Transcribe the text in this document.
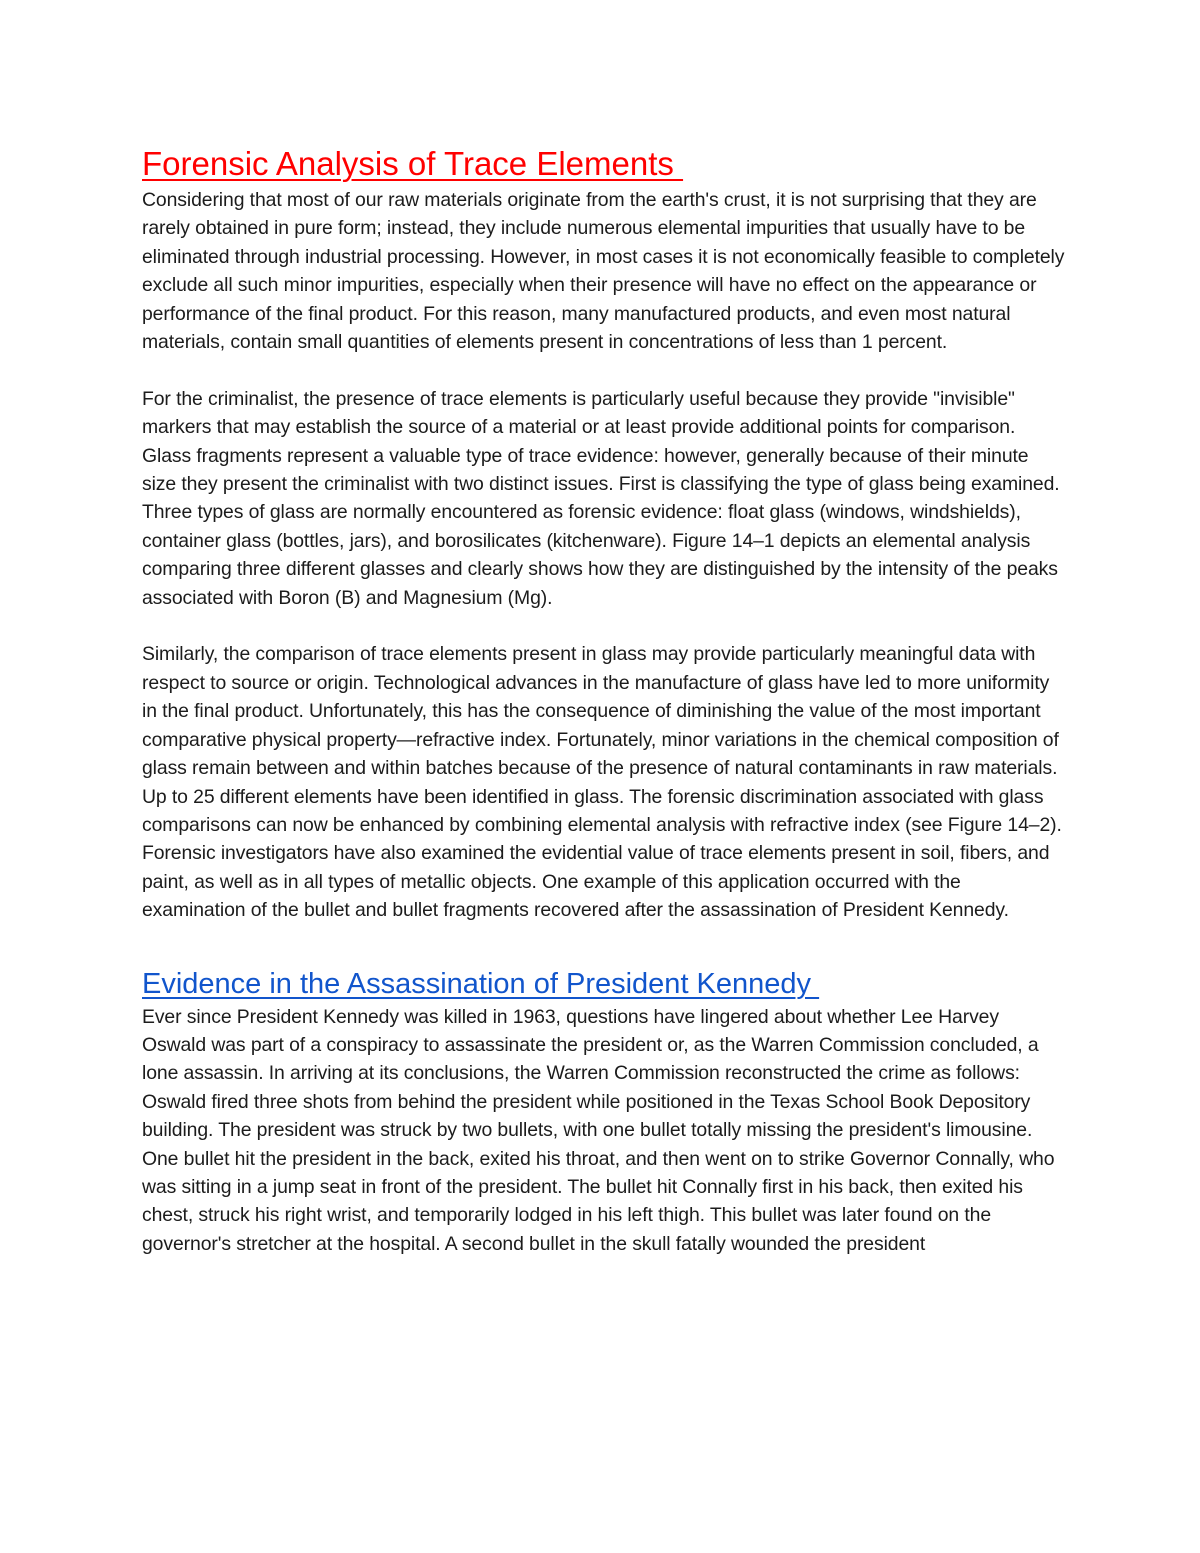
Forensic Analysis of Trace Elements

Considering that most of our raw materials originate from the earth's crust, it is not surprising that they are rarely obtained in pure form; instead, they include numerous elemental impurities that usually have to be eliminated through industrial processing. However, in most cases it is not economically feasible to completely exclude all such minor impurities, especially when their presence will have no effect on the appearance or performance of the final product. For this reason, many manufactured products, and even most natural materials, contain small quantities of elements present in concentrations of less than 1 percent.

For the criminalist, the presence of trace elements is particularly useful because they provide "invisible" markers that may establish the source of a material or at least provide additional points for comparison. Glass fragments represent a valuable type of trace evidence: however, generally because of their minute size they present the criminalist with two distinct issues. First is classifying the type of glass being examined. Three types of glass are normally encountered as forensic evidence: float glass (windows, windshields), container glass (bottles, jars), and borosilicates (kitchenware). Figure 14–1 depicts an elemental analysis comparing three different glasses and clearly shows how they are distinguished by the intensity of the peaks associated with Boron (B) and Magnesium (Mg).

Similarly, the comparison of trace elements present in glass may provide particularly meaningful data with respect to source or origin. Technological advances in the manufacture of glass have led to more uniformity in the final product. Unfortunately, this has the consequence of diminishing the value of the most important comparative physical property—refractive index. Fortunately, minor variations in the chemical composition of glass remain between and within batches because of the presence of natural contaminants in raw materials. Up to 25 different elements have been identified in glass. The forensic discrimination associated with glass comparisons can now be enhanced by combining elemental analysis with refractive index (see Figure 14–2). Forensic investigators have also examined the evidential value of trace elements present in soil, fibers, and paint, as well as in all types of metallic objects. One example of this application occurred with the examination of the bullet and bullet fragments recovered after the assassination of President Kennedy.

Evidence in the Assassination of President Kennedy

Ever since President Kennedy was killed in 1963, questions have lingered about whether Lee Harvey Oswald was part of a conspiracy to assassinate the president or, as the Warren Commission concluded, a lone assassin. In arriving at its conclusions, the Warren Commission reconstructed the crime as follows: Oswald fired three shots from behind the president while positioned in the Texas School Book Depository building. The president was struck by two bullets, with one bullet totally missing the president's limousine. One bullet hit the president in the back, exited his throat, and then went on to strike Governor Connally, who was sitting in a jump seat in front of the president. The bullet hit Connally first in his back, then exited his chest, struck his right wrist, and temporarily lodged in his left thigh. This bullet was later found on the governor's stretcher at the hospital. A second bullet in the skull fatally wounded the president
